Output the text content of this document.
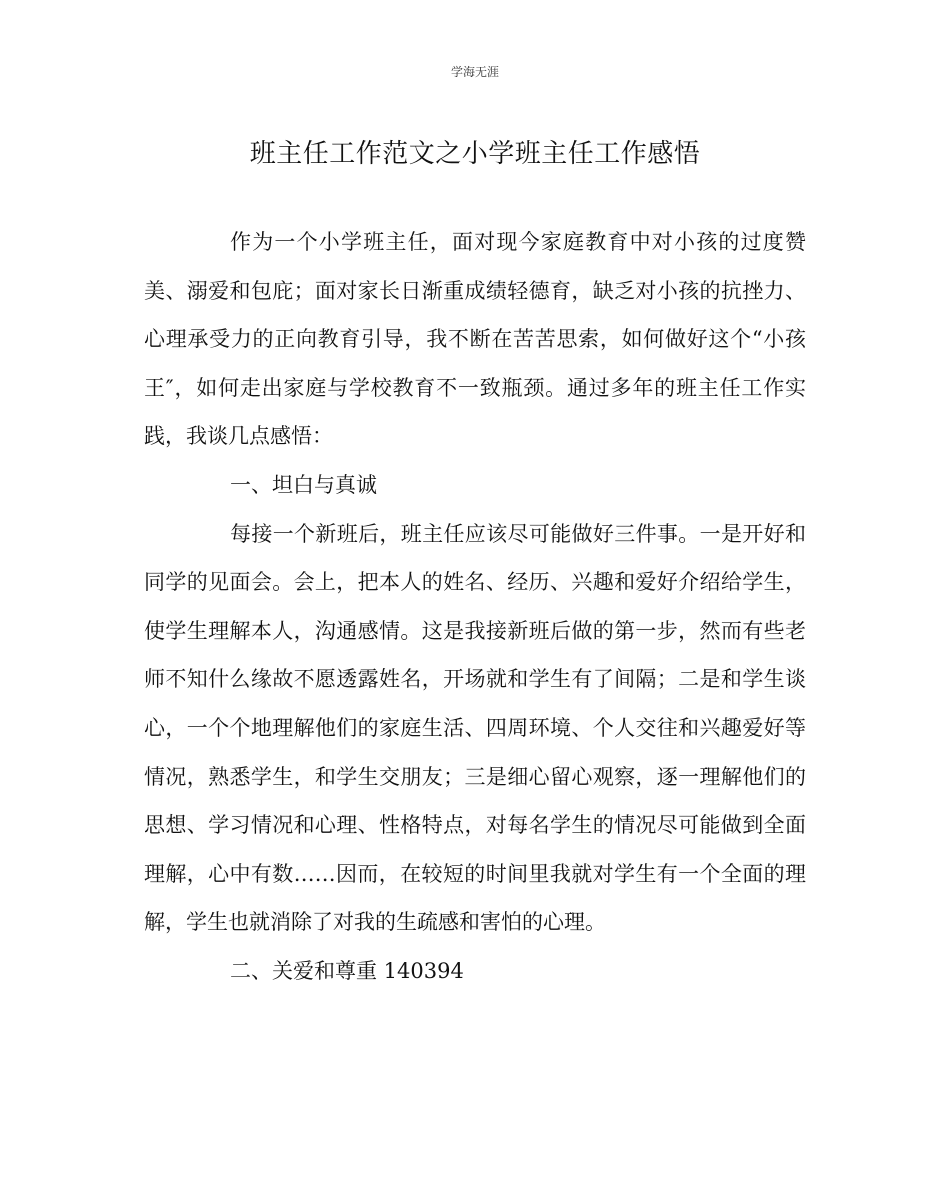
学海无涯
班主任工作范文之小学班主任工作感悟

作为一个小学班主任，面对现今家庭教育中对小孩的过度赞美、溺爱和包庇；面对家长日渐重成绩轻德育，缺乏对小孩的抗挫力、心理承受力的正向教育引导，我不断在苦苦思索，如何做好这个“小孩王″，如何走出家庭与学校教育不一致瓶颈。通过多年的班主任工作实践，我谈几点感悟：

一、坦白与真诚

每接一个新班后，班主任应该尽可能做好三件事。一是开好和同学的见面会。会上，把本人的姓名、经历、兴趣和爱好介绍给学生，使学生理解本人，沟通感情。这是我接新班后做的第一步，然而有些老师不知什么缘故不愿透露姓名，开场就和学生有了间隔；二是和学生谈心，一个个地理解他们的家庭生活、四周环境、个人交往和兴趣爱好等情况，熟悉学生，和学生交朋友；三是细心留心观察，逐一理解他们的思想、学习情况和心理、性格特点，对每名学生的情况尽可能做到全面理解，心中有数……因而，在较短的时间里我就对学生有一个全面的理解，学生也就消除了对我的生疏感和害怕的心理。

二、关爱和尊重 140394
